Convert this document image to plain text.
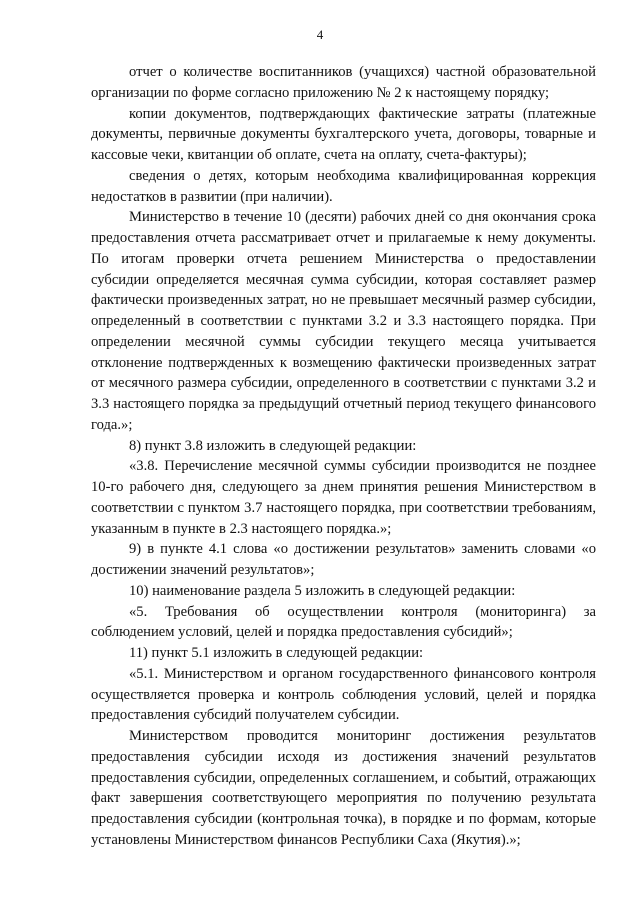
4

отчет о количестве воспитанников (учащихся) частной образовательной организации по форме согласно приложению № 2 к настоящему порядку;

копии документов, подтверждающих фактические затраты (платежные документы, первичные документы бухгалтерского учета, договоры, товарные и кассовые чеки, квитанции об оплате, счета на оплату, счета-фактуры);

сведения о детях, которым необходима квалифицированная коррекция недостатков в развитии (при наличии).

Министерство в течение 10 (десяти) рабочих дней со дня окончания срока предоставления отчета рассматривает отчет и прилагаемые к нему документы. По итогам проверки отчета решением Министерства о предоставлении субсидии определяется месячная сумма субсидии, которая составляет размер фактически произведенных затрат, но не превышает месячный размер субсидии, определенный в соответствии с пунктами 3.2 и 3.3 настоящего порядка. При определении месячной суммы субсидии текущего месяца учитывается отклонение подтвержденных к возмещению фактически произведенных затрат от месячного размера субсидии, определенного в соответствии с пунктами 3.2 и 3.3 настоящего порядка за предыдущий отчетный период текущего финансового года.»;

8) пункт 3.8 изложить в следующей редакции:

«3.8. Перечисление месячной суммы субсидии производится не позднее 10-го рабочего дня, следующего за днем принятия решения Министерством в соответствии с пунктом 3.7 настоящего порядка, при соответствии требованиям, указанным в пункте в 2.3 настоящего порядка.»;

9) в пункте 4.1 слова «о достижении результатов» заменить словами «о достижении значений результатов»;

10) наименование раздела 5 изложить в следующей редакции:

«5. Требования об осуществлении контроля (мониторинга) за соблюдением условий, целей и порядка предоставления субсидий»;

11) пункт 5.1 изложить в следующей редакции:

«5.1. Министерством и органом государственного финансового контроля осуществляется проверка и контроль соблюдения условий, целей и порядка предоставления субсидий получателем субсидии.

Министерством проводится мониторинг достижения результатов предоставления субсидии исходя из достижения значений результатов предоставления субсидии, определенных соглашением, и событий, отражающих факт завершения соответствующего мероприятия по получению результата предоставления субсидии (контрольная точка), в порядке и по формам, которые установлены Министерством финансов Республики Саха (Якутия).»;
